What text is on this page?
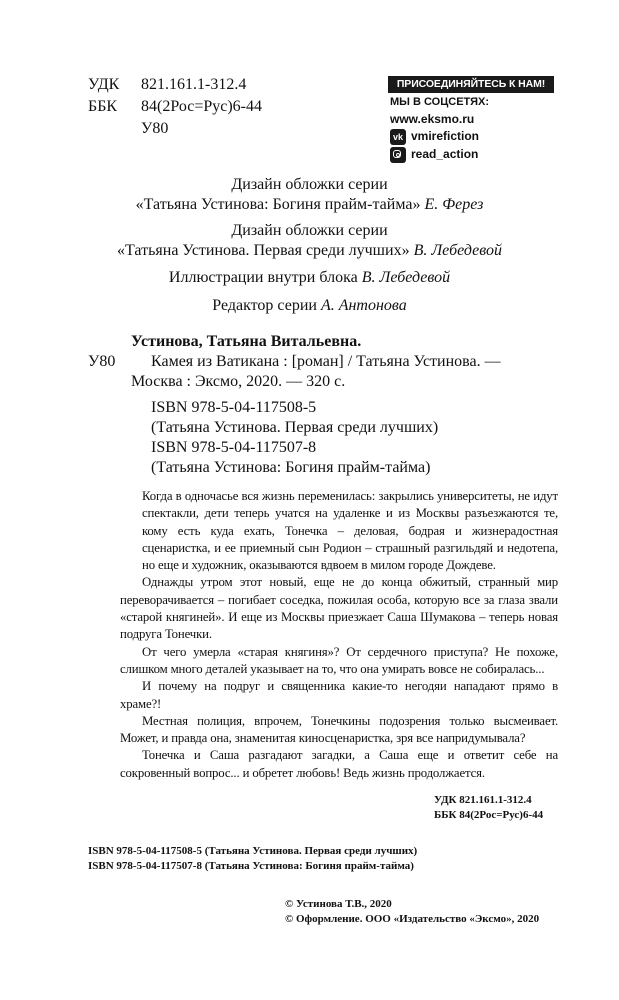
УДК 821.161.1-312.4
ББК 84(2Рос=Рус)6-44
У80
ПРИСОЕДИНЯЙТЕСЬ К НАМ!
МЫ В СОЦСЕТЯХ:
www.eksmo.ru
vk vmirefiction
read_action
Дизайн обложки серии
«Татьяна Устинова: Богиня прайм-тайма» Е. Ферез
Дизайн обложки серии
«Татьяна Устинова. Первая среди лучших» В. Лебедевой
Иллюстрации внутри блока В. Лебедевой
Редактор серии А. Антонова
Устинова, Татьяна Витальевна.
У80 Камея из Ватикана : [роман] / Татьяна Устинова. —
Москва : Эксмо, 2020. — 320 с.
ISBN 978-5-04-117508-5
(Татьяна Устинова. Первая среди лучших)
ISBN 978-5-04-117507-8
(Татьяна Устинова: Богиня прайм-тайма)

Когда в одночасье вся жизнь переменилась: закрылись университеты, не идут спектакли, дети теперь учатся на удаленке и из Москвы разъезжаются те, кому есть куда ехать, Тонечка – деловая, бодрая и жизнерадостная сценаристка, и ее приемный сын Родион – страшный разгильдяй и недотепа, но еще и художник, оказываются вдвоем в милом городе Дождеве.

Однажды утром этот новый, еще не до конца обжитый, странный мир переворачивается – погибает соседка, пожилая особа, которую все за глаза звали «старой княгиней». И еще из Москвы приезжает Саша Шумакова – теперь новая подруга Тонечки.

От чего умерла «старая княгиня»? От сердечного приступа? Не похоже, слишком много деталей указывает на то, что она умирать вовсе не собиралась...

И почему на подруг и священника какие-то негодяи нападают прямо в храме?!

Местная полиция, впрочем, Тонечкины подозрения только высмеивает. Может, и правда она, знаменитая киносценаристка, зря все напридумывала?

Тонечка и Саша разгадают загадки, а Саша еще и ответит себе на сокровенный вопрос... и обретет любовь! Ведь жизнь продолжается.

УДК 821.161.1-312.4
ББК 84(2Рос=Рус)6-44
ISBN 978-5-04-117508-5 (Татьяна Устинова. Первая среди лучших)
ISBN 978-5-04-117507-8 (Татьяна Устинова: Богиня прайм-тайма)
© Устинова Т.В., 2020
© Оформление. ООО «Издательство «Эксмо», 2020
